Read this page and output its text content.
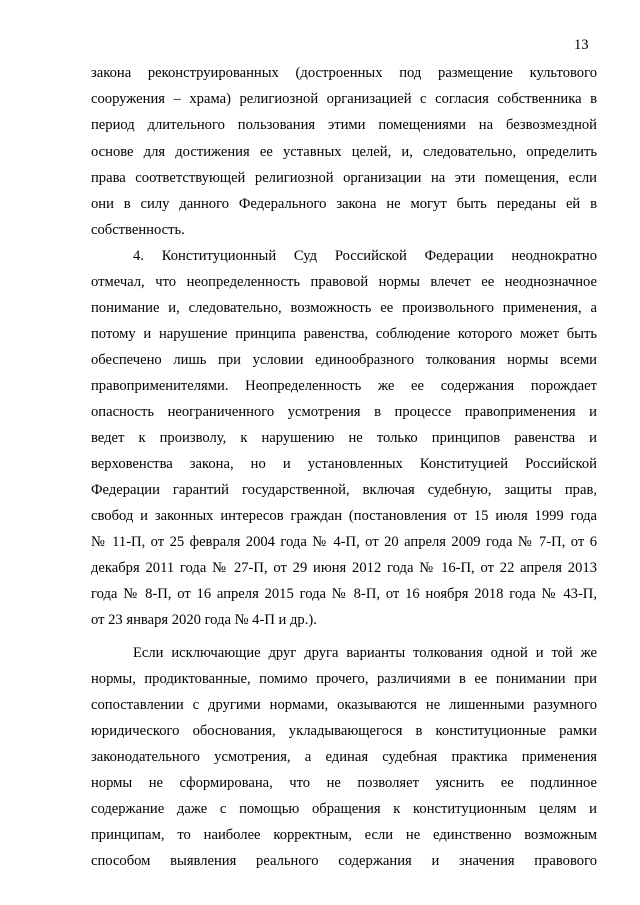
13
закона реконструированных (достроенных под размещение культового
сооружения – храма) религиозной организацией с согласия собственника в
период длительного пользования этими помещениями на безвозмездной
основе для достижения ее уставных целей, и, следовательно, определить
права соответствующей религиозной организации на эти помещения, если
они в силу данного Федерального закона не могут быть переданы ей в
собственность.
4. Конституционный Суд Российской Федерации неоднократно
отмечал, что неопределенность правовой нормы влечет ее неоднозначное
понимание и, следовательно, возможность ее произвольного применения, а
потому и нарушение принципа равенства, соблюдение которого может быть
обеспечено лишь при условии единообразного толкования нормы всеми
правоприменителями. Неопределенность же ее содержания порождает
опасность неограниченного усмотрения в процессе правоприменения и
ведет к произволу, к нарушению не только принципов равенства и
верховенства закона, но и установленных Конституцией Российской
Федерации гарантий государственной, включая судебную, защиты прав,
свобод и законных интересов граждан (постановления от 15 июля 1999 года
№ 11-П, от 25 февраля 2004 года № 4-П, от 20 апреля 2009 года № 7-П, от 6
декабря 2011 года № 27-П, от 29 июня 2012 года № 16-П, от 22 апреля 2013
года № 8-П, от 16 апреля 2015 года № 8-П, от 16 ноября 2018 года № 43-П,
от 23 января 2020 года № 4-П и др.).
Если исключающие друг друга варианты толкования одной и той же
нормы, продиктованные, помимо прочего, различиями в ее понимании при
сопоставлении с другими нормами, оказываются не лишенными разумного
юридического обоснования, укладывающегося в конституционные рамки
законодательного усмотрения, а единая судебная практика применения
нормы не сформирована, что не позволяет уяснить ее подлинное
содержание даже с помощью обращения к конституционным целям и
принципам, то наиболее корректным, если не единственно возможным
способом выявления реального содержания и значения правового
